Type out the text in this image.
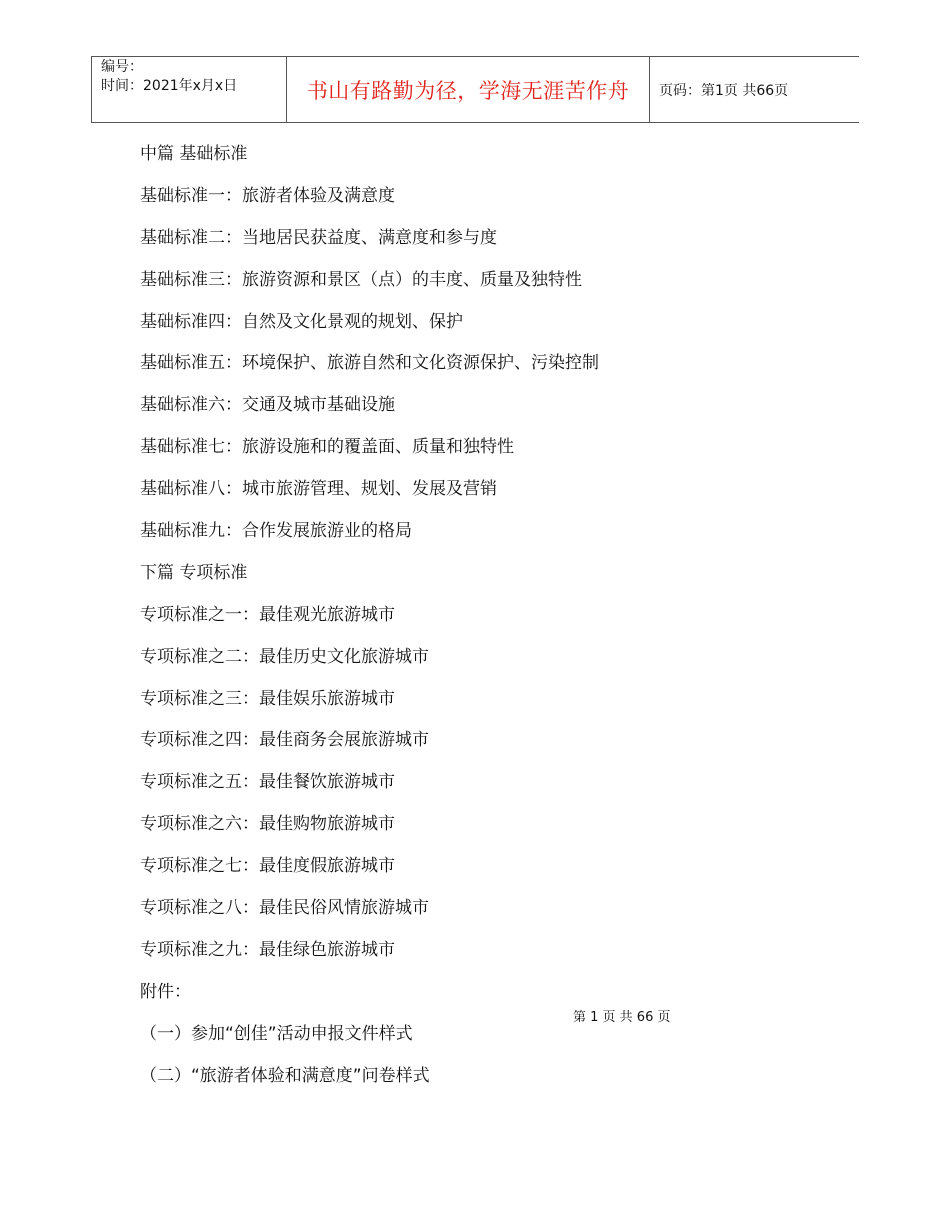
编号：
时间：2021年x月x日	书山有路勤为径，学海无涯苦作舟	页码：第1页 共66页
中篇 基础标准
基础标准一：旅游者体验及满意度
基础标准二：当地居民获益度、满意度和参与度
基础标准三：旅游资源和景区（点）的丰度、质量及独特性
基础标准四：自然及文化景观的规划、保护
基础标准五：环境保护、旅游自然和文化资源保护、污染控制
基础标准六：交通及城市基础设施
基础标准七：旅游设施和的覆盖面、质量和独特性
基础标准八：城市旅游管理、规划、发展及营销
基础标准九：合作发展旅游业的格局
下篇 专项标准
专项标准之一：最佳观光旅游城市
专项标准之二：最佳历史文化旅游城市
专项标准之三：最佳娱乐旅游城市
专项标准之四：最佳商务会展旅游城市
专项标准之五：最佳餐饮旅游城市
专项标准之六：最佳购物旅游城市
专项标准之七：最佳度假旅游城市
专项标准之八：最佳民俗风情旅游城市
专项标准之九：最佳绿色旅游城市
附件：
（一）参加“创佳”活动申报文件样式
（二）“旅游者体验和满意度”问卷样式
第 1 页 共 66 页
